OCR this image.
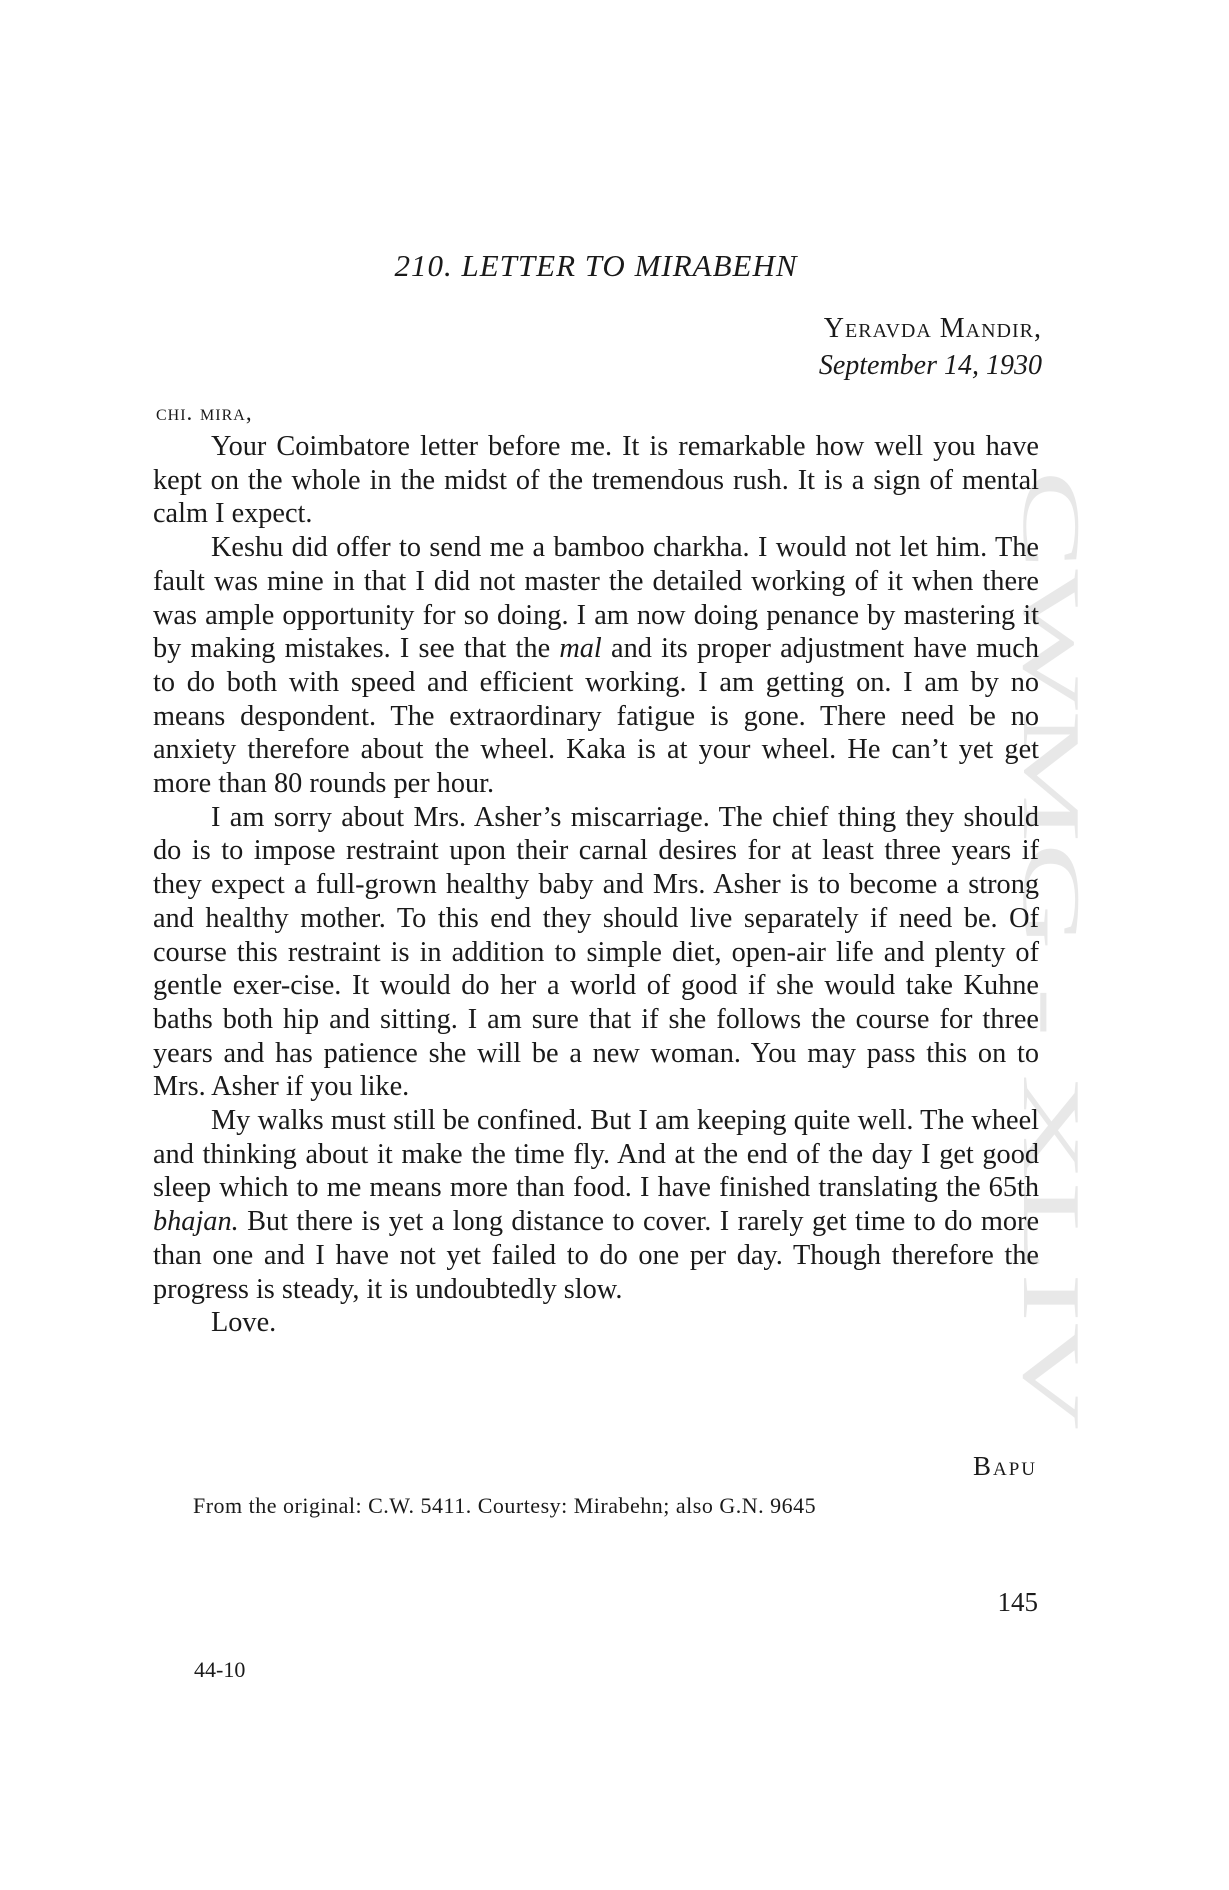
CWMG - XLIV
210. LETTER TO MIRABEHN
Yeravda Mandir,
September 14, 1930
chi. mira,

Your Coimbatore letter before me. It is remarkable how well you have kept on the whole in the midst of the tremendous rush. It is a sign of mental calm I expect.

Keshu did offer to send me a bamboo charkha. I would not let him. The fault was mine in that I did not master the detailed working of it when there was ample opportunity for so doing. I am now doing penance by mastering it by making mistakes. I see that the mal and its proper adjustment have much to do both with speed and efficient working. I am getting on. I am by no means despondent. The extraordinary fatigue is gone. There need be no anxiety therefore about the wheel. Kaka is at your wheel. He can’t yet get more than 80 rounds per hour.

I am sorry about Mrs. Asher’s miscarriage. The chief thing they should do is to impose restraint upon their carnal desires for at least three years if they expect a full-grown healthy baby and Mrs. Asher is to become a strong and healthy mother. To this end they should live separately if need be. Of course this restraint is in addition to simple diet, open-air life and plenty of gentle exer-cise. It would do her a world of good if she would take Kuhne baths both hip and sitting. I am sure that if she follows the course for three years and has patience she will be a new woman. You may pass this on to Mrs. Asher if you like.

My walks must still be confined. But I am keeping quite well. The wheel and thinking about it make the time fly. And at the end of the day I get good sleep which to me means more than food. I have finished translating the 65th bhajan. But there is yet a long distance to cover. I rarely get time to do more than one and I have not yet failed to do one per day. Though therefore the progress is steady, it is undoubtedly slow.

Love.

Bapu
From the original: C.W. 5411. Courtesy: Mirabehn; also G.N. 9645
145
44-10
